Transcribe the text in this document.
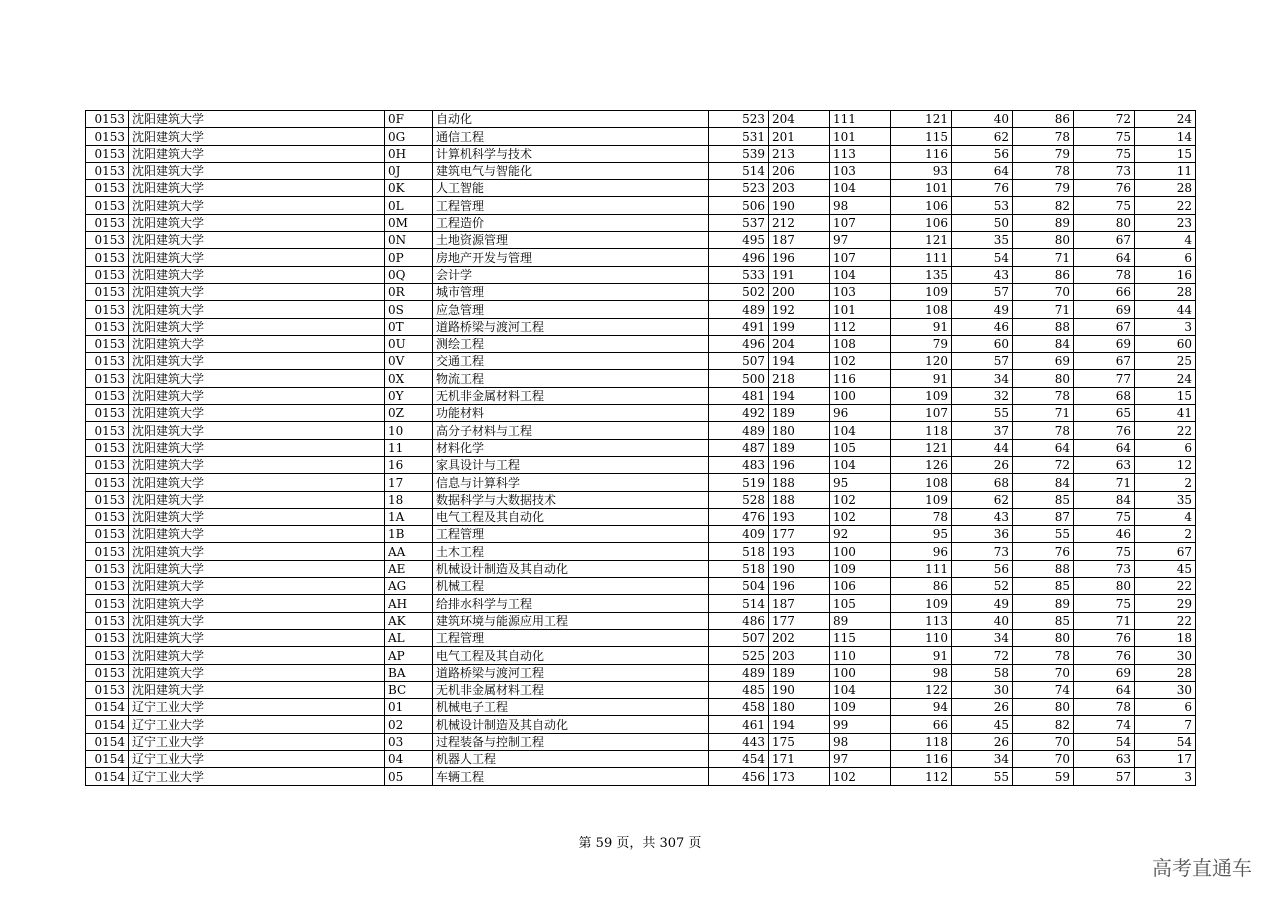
0153	沈阳建筑大学	0F	自动化	523	204	111	121	40	86	72	24
0153	沈阳建筑大学	0G	通信工程	531	201	101	115	62	78	75	14
0153	沈阳建筑大学	0H	计算机科学与技术	539	213	113	116	56	79	75	15
0153	沈阳建筑大学	0J	建筑电气与智能化	514	206	103	93	64	78	73	11
0153	沈阳建筑大学	0K	人工智能	523	203	104	101	76	79	76	28
0153	沈阳建筑大学	0L	工程管理	506	190	98	106	53	82	75	22
0153	沈阳建筑大学	0M	工程造价	537	212	107	106	50	89	80	23
0153	沈阳建筑大学	0N	土地资源管理	495	187	97	121	35	80	67	4
0153	沈阳建筑大学	0P	房地产开发与管理	496	196	107	111	54	71	64	6
0153	沈阳建筑大学	0Q	会计学	533	191	104	135	43	86	78	16
0153	沈阳建筑大学	0R	城市管理	502	200	103	109	57	70	66	28
0153	沈阳建筑大学	0S	应急管理	489	192	101	108	49	71	69	44
0153	沈阳建筑大学	0T	道路桥梁与渡河工程	491	199	112	91	46	88	67	3
0153	沈阳建筑大学	0U	测绘工程	496	204	108	79	60	84	69	60
0153	沈阳建筑大学	0V	交通工程	507	194	102	120	57	69	67	25
0153	沈阳建筑大学	0X	物流工程	500	218	116	91	34	80	77	24
0153	沈阳建筑大学	0Y	无机非金属材料工程	481	194	100	109	32	78	68	15
0153	沈阳建筑大学	0Z	功能材料	492	189	96	107	55	71	65	41
0153	沈阳建筑大学	10	高分子材料与工程	489	180	104	118	37	78	76	22
0153	沈阳建筑大学	11	材料化学	487	189	105	121	44	64	64	6
0153	沈阳建筑大学	16	家具设计与工程	483	196	104	126	26	72	63	12
0153	沈阳建筑大学	17	信息与计算科学	519	188	95	108	68	84	71	2
0153	沈阳建筑大学	18	数据科学与大数据技术	528	188	102	109	62	85	84	35
0153	沈阳建筑大学	1A	电气工程及其自动化	476	193	102	78	43	87	75	4
0153	沈阳建筑大学	1B	工程管理	409	177	92	95	36	55	46	2
0153	沈阳建筑大学	AA	土木工程	518	193	100	96	73	76	75	67
0153	沈阳建筑大学	AE	机械设计制造及其自动化	518	190	109	111	56	88	73	45
0153	沈阳建筑大学	AG	机械工程	504	196	106	86	52	85	80	22
0153	沈阳建筑大学	AH	给排水科学与工程	514	187	105	109	49	89	75	29
0153	沈阳建筑大学	AK	建筑环境与能源应用工程	486	177	89	113	40	85	71	22
0153	沈阳建筑大学	AL	工程管理	507	202	115	110	34	80	76	18
0153	沈阳建筑大学	AP	电气工程及其自动化	525	203	110	91	72	78	76	30
0153	沈阳建筑大学	BA	道路桥梁与渡河工程	489	189	100	98	58	70	69	28
0153	沈阳建筑大学	BC	无机非金属材料工程	485	190	104	122	30	74	64	30
0154	辽宁工业大学	01	机械电子工程	458	180	109	94	26	80	78	6
0154	辽宁工业大学	02	机械设计制造及其自动化	461	194	99	66	45	82	74	7
0154	辽宁工业大学	03	过程装备与控制工程	443	175	98	118	26	70	54	54
0154	辽宁工业大学	04	机器人工程	454	171	97	116	34	70	63	17
0154	辽宁工业大学	05	车辆工程	456	173	102	112	55	59	57	3
第 59 页，共 307 页
高考直通车
